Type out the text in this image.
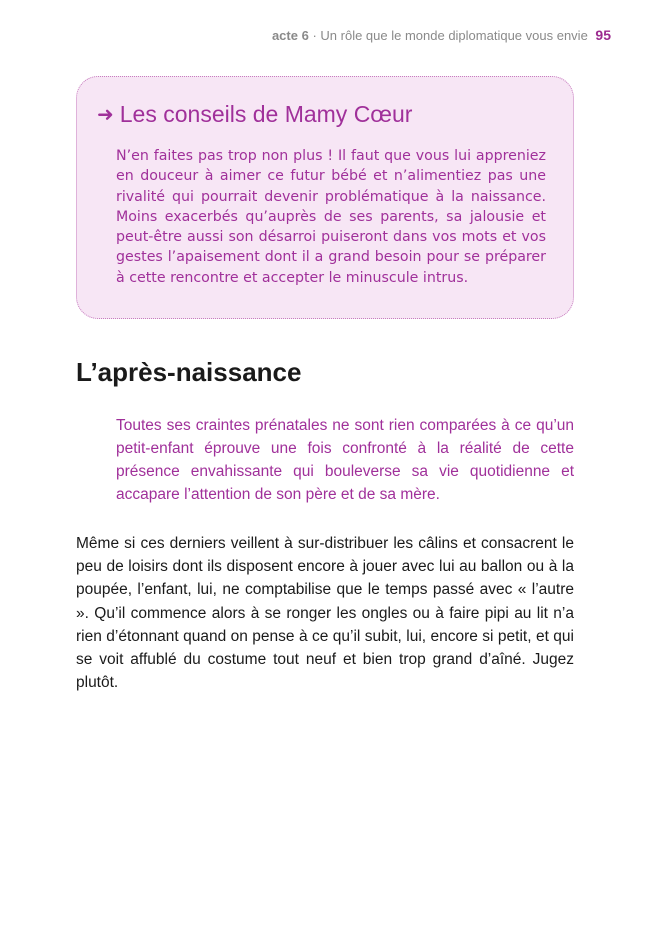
acte 6 · Un rôle que le monde diplomatique vous envie 95
➜ Les conseils de Mamy Cœur

N’en faites pas trop non plus ! Il faut que vous lui appreniez en douceur à aimer ce futur bébé et n’alimentiez pas une rivalité qui pourrait devenir problématique à la naissance. Moins exacerbés qu’auprès de ses parents, sa jalousie et peut-être aussi son désarroi puiseront dans vos mots et vos gestes l’apaisement dont il a grand besoin pour se préparer à cette rencontre et accepter le minuscule intrus.

L’après-naissance

Toutes ses craintes prénatales ne sont rien comparées à ce qu’un petit-enfant éprouve une fois confronté à la réalité de cette présence envahissante qui bouleverse sa vie quotidienne et accapare l’attention de son père et de sa mère.

Même si ces derniers veillent à sur-distribuer les câlins et consacrent le peu de loisirs dont ils disposent encore à jouer avec lui au ballon ou à la poupée, l’enfant, lui, ne comptabilise que le temps passé avec « l’autre ». Qu’il commence alors à se ronger les ongles ou à faire pipi au lit n’a rien d’étonnant quand on pense à ce qu’il subit, lui, encore si petit, et qui se voit affublé du costume tout neuf et bien trop grand d’aîné. Jugez plutôt.
